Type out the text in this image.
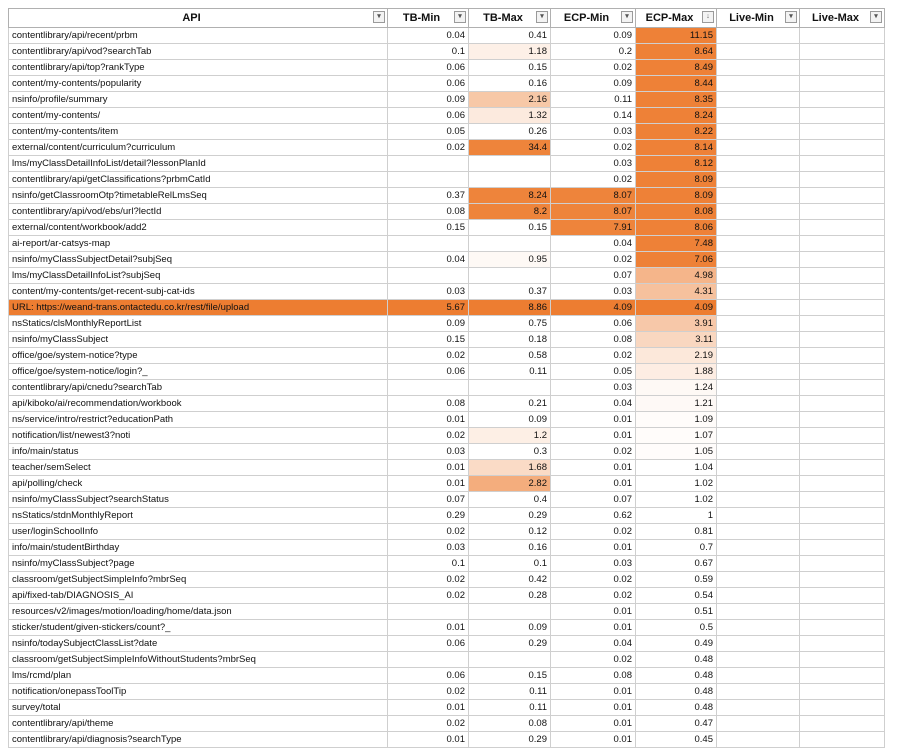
API ▾	TB-Min ▾	TB-Max ▾	ECP-Min ▾	ECP-Max ↓	Live-Min ▾	Live-Max ▾

contentlibrary/api/recent/prbm	0.04	0.41	0.09	11.15		
contentlibrary/api/vod?searchTab	0.1	1.18	0.2	8.64		
contentlibrary/api/top?rankType	0.06	0.15	0.02	8.49		
content/my-contents/popularity	0.06	0.16	0.09	8.44		
nsinfo/profile/summary	0.09	2.16	0.11	8.35		
content/my-contents/	0.06	1.32	0.14	8.24		
content/my-contents/item	0.05	0.26	0.03	8.22		
external/content/curriculum?curriculum	0.02	34.4	0.02	8.14		
lms/myClassDetailInfoList/detail?lessonPlanId			0.03	8.12		
contentlibrary/api/getClassifications?prbmCatId			0.02	8.09		
nsinfo/getClassroomOtp?timetableRelLmsSeq	0.37	8.24	8.07	8.09		
contentlibrary/api/vod/ebs/url?lectId	0.08	8.2	8.07	8.08		
external/content/workbook/add2	0.15	0.15	7.91	8.06		
ai-report/ar-catsys-map			0.04	7.48		
nsinfo/myClassSubjectDetail?subjSeq	0.04	0.95	0.02	7.06		
lms/myClassDetailInfoList?subjSeq			0.07	4.98		
content/my-contents/get-recent-subj-cat-ids	0.03	0.37	0.03	4.31		
URL: https://weand-trans.ontactedu.co.kr/rest/file/upload	5.67	8.86	4.09	4.09		
nsStatics/clsMonthlyReportList	0.09	0.75	0.06	3.91		
nsinfo/myClassSubject	0.15	0.18	0.08	3.11		
office/goe/system-notice?type	0.02	0.58	0.02	2.19		
office/goe/system-notice/login?_	0.06	0.11	0.05	1.88		
contentlibrary/api/cnedu?searchTab			0.03	1.24		
api/kiboko/ai/recommendation/workbook	0.08	0.21	0.04	1.21		
ns/service/intro/restrict?educationPath	0.01	0.09	0.01	1.09		
notification/list/newest3?noti	0.02	1.2	0.01	1.07		
info/main/status	0.03	0.3	0.02	1.05		
teacher/semSelect	0.01	1.68	0.01	1.04		
api/polling/check	0.01	2.82	0.01	1.02		
nsinfo/myClassSubject?searchStatus	0.07	0.4	0.07	1.02		
nsStatics/stdnMonthlyReport	0.29	0.29	0.62	1		
user/loginSchoolInfo	0.02	0.12	0.02	0.81		
info/main/studentBirthday	0.03	0.16	0.01	0.7		
nsinfo/myClassSubject?page	0.1	0.1	0.03	0.67		
classroom/getSubjectSimpleInfo?mbrSeq	0.02	0.42	0.02	0.59		
api/fixed-tab/DIAGNOSIS_AI	0.02	0.28	0.02	0.54		
resources/v2/images/motion/loading/home/data.json			0.01	0.51		
sticker/student/given-stickers/count?_	0.01	0.09	0.01	0.5		
nsinfo/todaySubjectClassList?date	0.06	0.29	0.04	0.49		
classroom/getSubjectSimpleInfoWithoutStudents?mbrSeq			0.02	0.48		
lms/rcmd/plan	0.06	0.15	0.08	0.48		
notification/onepassToolTip	0.02	0.11	0.01	0.48		
survey/total	0.01	0.11	0.01	0.48		
contentlibrary/api/theme	0.02	0.08	0.01	0.47		
contentlibrary/api/diagnosis?searchType	0.01	0.29	0.01	0.45		
